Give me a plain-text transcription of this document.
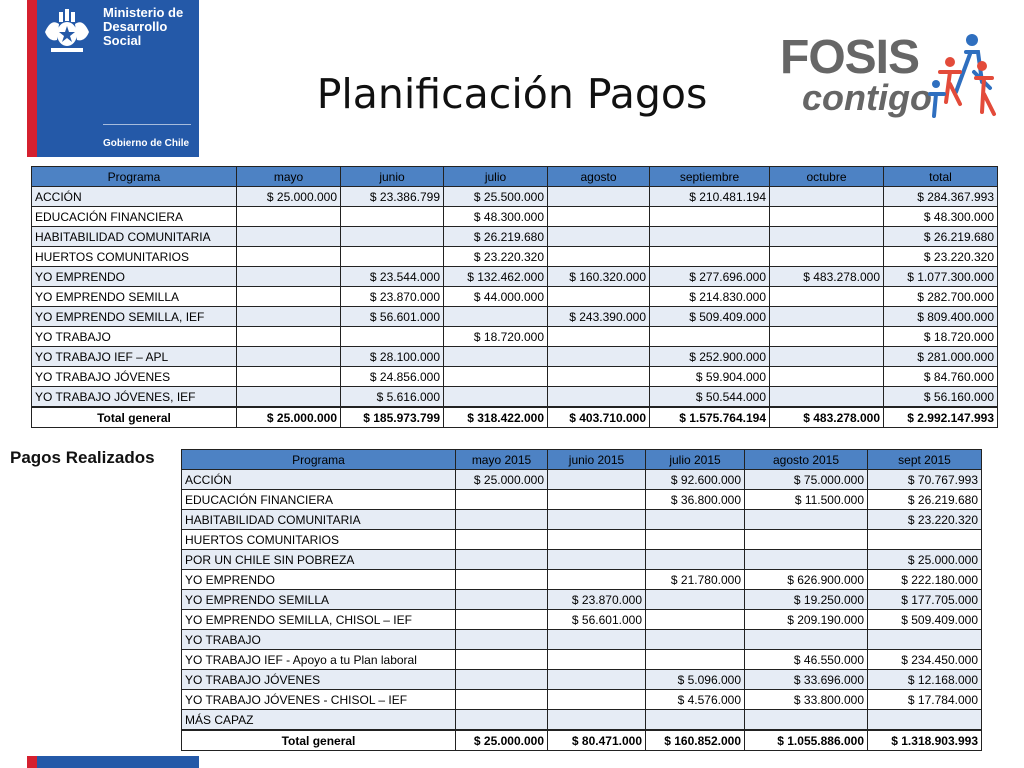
Ministerio de
Desarrollo
Social
Gobierno de Chile
Planificación Pagos
FOSIS
contigo
Programa	mayo	junio	julio	agosto	septiembre	octubre	total
ACCIÓN	$ 25.000.000	$ 23.386.799	$ 25.500.000		$ 210.481.194		$ 284.367.993
EDUCACIÓN FINANCIERA			$ 48.300.000				$ 48.300.000
HABITABILIDAD COMUNITARIA			$ 26.219.680				$ 26.219.680
HUERTOS COMUNITARIOS			$ 23.220.320				$ 23.220.320
YO EMPRENDO		$ 23.544.000	$ 132.462.000	$ 160.320.000	$ 277.696.000	$ 483.278.000	$ 1.077.300.000
YO EMPRENDO SEMILLA		$ 23.870.000	$ 44.000.000		$ 214.830.000		$ 282.700.000
YO EMPRENDO SEMILLA, IEF		$ 56.601.000		$ 243.390.000	$ 509.409.000		$ 809.400.000
YO TRABAJO			$ 18.720.000				$ 18.720.000
YO TRABAJO IEF – APL		$ 28.100.000			$ 252.900.000		$ 281.000.000
YO TRABAJO JÓVENES		$ 24.856.000			$ 59.904.000		$ 84.760.000
YO TRABAJO JÓVENES, IEF		$ 5.616.000			$ 50.544.000		$ 56.160.000
Total general	$ 25.000.000	$ 185.973.799	$ 318.422.000	$ 403.710.000	$ 1.575.764.194	$ 483.278.000	$ 2.992.147.993
Pagos Realizados	Programa	mayo 2015	junio 2015	julio 2015	agosto 2015	sept 2015
ACCIÓN	$ 25.000.000		$ 92.600.000	$ 75.000.000	$ 70.767.993
EDUCACIÓN FINANCIERA			$ 36.800.000	$ 11.500.000	$ 26.219.680
HABITABILIDAD COMUNITARIA					$ 23.220.320
HUERTOS COMUNITARIOS					
POR UN CHILE SIN POBREZA					$ 25.000.000
YO EMPRENDO			$ 21.780.000	$ 626.900.000	$ 222.180.000
YO EMPRENDO SEMILLA		$ 23.870.000		$ 19.250.000	$ 177.705.000
YO EMPRENDO SEMILLA, CHISOL – IEF		$ 56.601.000		$ 209.190.000	$ 509.409.000
YO TRABAJO					
YO TRABAJO IEF - Apoyo a tu Plan laboral				$ 46.550.000	$ 234.450.000
YO TRABAJO JÓVENES			$ 5.096.000	$ 33.696.000	$ 12.168.000
YO TRABAJO JÓVENES - CHISOL – IEF			$ 4.576.000	$ 33.800.000	$ 17.784.000
MÁS CAPAZ					
Total general	$ 25.000.000	$ 80.471.000	$ 160.852.000	$ 1.055.886.000	$ 1.318.903.993
